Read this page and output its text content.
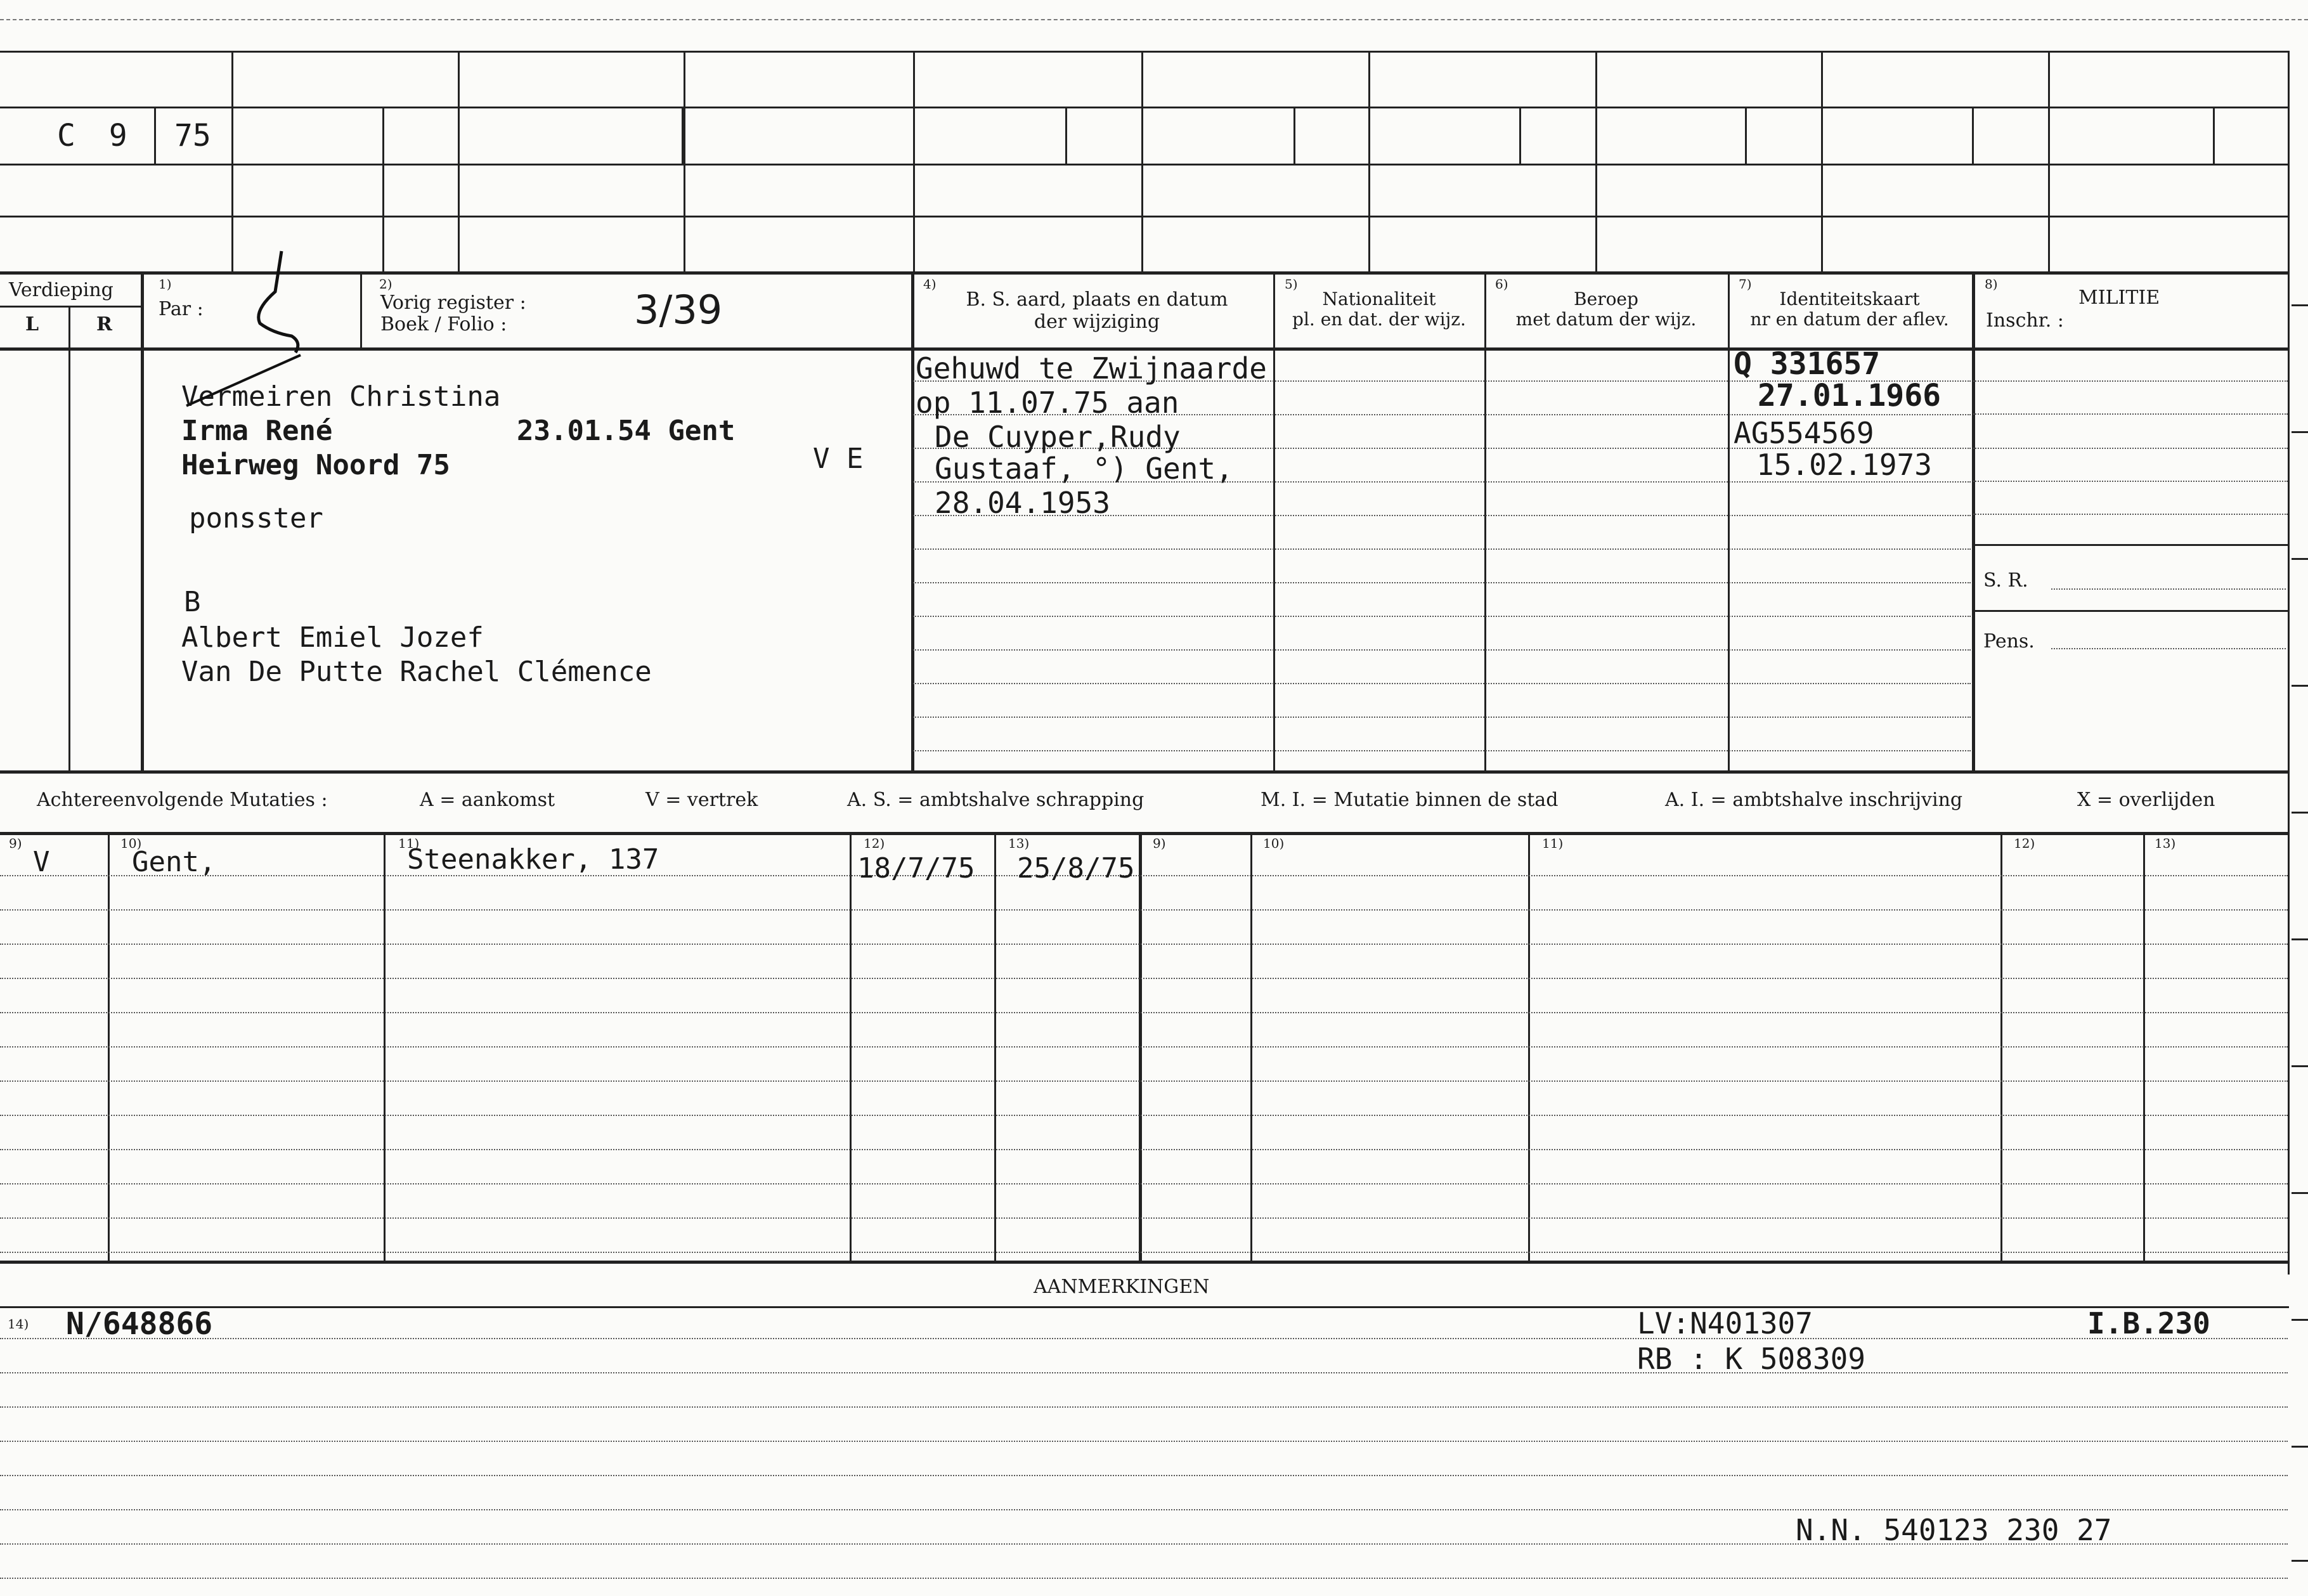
C 9 75
Verdieping
L	R
1)
Par :
2)
Vorig register :
Boek / Folio :	3/39
4)
B. S. aard, plaats en datum
der wijziging
5)
Nationaliteit
pl. en dat. der wijz.
6)
Beroep
met datum der wijz.
7)
Identiteitskaart
nr en datum der aflev.
8)
MILITIE
Inschr. :
S. R.
Pens.
Vermeiren Christina
Irma René	23.01.54 Gent
Heirweg Noord 75	V E
ponsster
B
Albert Emiel Jozef
Van De Putte Rachel Clémence
Gehuwd te Zwijnaarde
op 11.07.75 aan
De Cuyper,Rudy
Gustaaf, °) Gent,
28.04.1953
Q 331657
27.01.1966
AG554569
15.02.1973
Achtereenvolgende Mutaties :	A = aankomst	V = vertrek	A. S. = ambtshalve schrapping	M. I. = Mutatie binnen de stad	A. I. = ambtshalve inschrijving	X = overlijden
9)	10)	11)	12)	13)	9)	10)	11)	12)	13)
V	Gent,	Steenakker, 137	18/7/75 25/8/75
AANMERKINGEN
14) N/648866	LV:N401307	I.B.230
RB : K 508309
N.N. 540123 230 27
